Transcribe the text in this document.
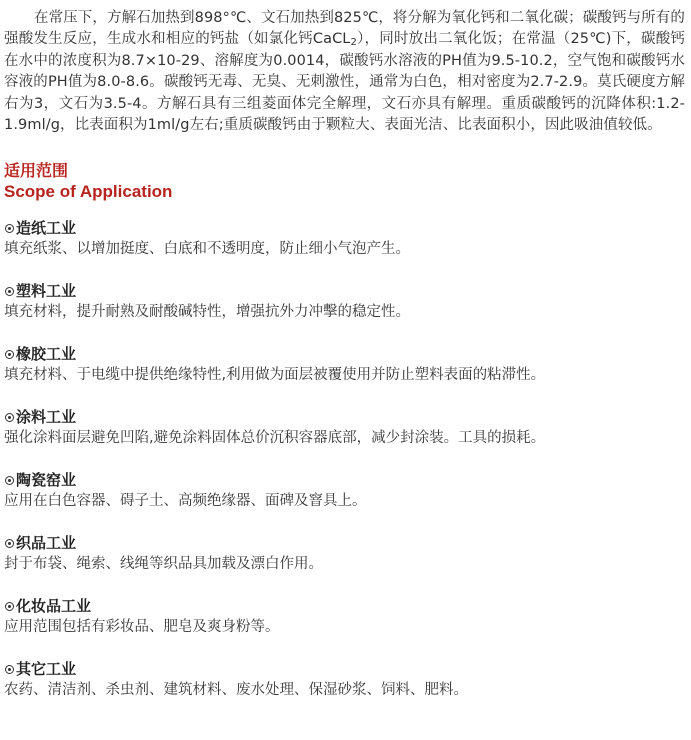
在常压下，方解石加热到898°℃、文石加热到825℃，将分解为氧化钙和二氧化碳；碳酸钙与所有的强酸发生反应，生成水和相应的钙盐（如氯化钙CaCL$_2$），同时放出二氧化饭；在常温（25℃)下，碳酸钙在水中的浓度积为8.7×10-29、溶解度为0.0014，碳酸钙水溶液的PH值为9.5-10.2，空气饱和碳酸钙水容液的PH值为8.0-8.6。碳酸钙无毒、无臭、无刺激性，通常为白色，相对密度为2.7-2.9。莫氏硬度方解右为3，文石为3.5-4。方解石具有三组菱面体完全解理，文石亦具有解理。重质碳酸钙的沉降体积:1.2-1.9ml/g，比表面积为1ml/g左右;重质碳酸钙由于颗粒大、表面光洁、比表面积小，因此吸油值较低。

适用范围
Scope of Application
造纸工业
填充纸浆、以增加挺度、白底和不透明度，防止细小气泡产生。
塑料工业
填充材料，提升耐熟及耐酸碱特性，增强抗外力冲擊的稳定性。
橡胶工业
填充材料、于电缆中提供绝缘特性,利用做为面层被覆使用并防止塑料表面的粘滞性。
涂料工业
强化涂料面层避免凹陷,避免涂料固体总价沉积容器底部，减少封涂装。工具的损耗。
陶瓷窑业
应用在白色容器、碍子土、高频绝缘器、面碑及窨具上。
织品工业
封于布袋、绳索、线绳等织品具加载及漂白作用。
化妆品工业
应用范围包括有彩妆品、肥皂及爽身粉等。
其它工业
农药、清洁剂、杀虫剂、建筑材料、废水处理、保湿砂浆、饲料、肥料。
